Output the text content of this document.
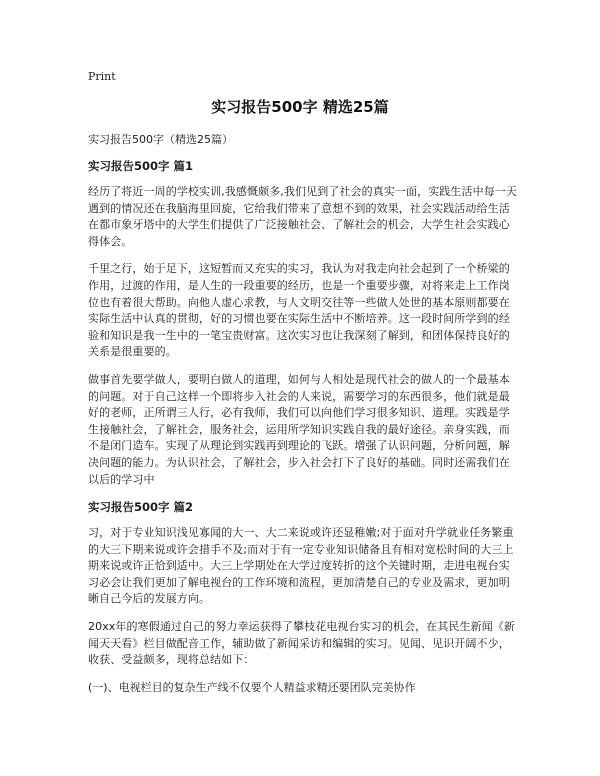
Print
实习报告500字 精选25篇

实习报告500字（精选25篇）

实习报告500字 篇1

经历了将近一周的学校实训,我感慨颇多,我们见到了社会的真实一面，实践生活中每一天遇到的情况还在我脑海里回旋，它给我们带来了意想不到的效果，社会实践活动给生活在都市象牙塔中的大学生们提供了广泛接触社会、了解社会的机会，大学生社会实践心得体会。

千里之行，始于足下，这短暂而又充实的实习，我认为对我走向社会起到了一个桥梁的作用，过渡的作用，是人生的一段重要的经历，也是一个重要步骤，对将来走上工作岗位也有着很大帮助。向他人虚心求教，与人文明交往等一些做人处世的基本原则都要在实际生活中认真的贯彻，好的习惯也要在实际生活中不断培养。这一段时间所学到的经验和知识是我一生中的一笔宝贵财富。这次实习也让我深刻了解到，和团体保持良好的关系是很重要的。

做事首先要学做人，要明白做人的道理，如何与人相处是现代社会的做人的一个最基本的问题。对于自己这样一个即将步入社会的人来说，需要学习的东西很多，他们就是最好的老师，正所谓三人行，必有我师，我们可以向他们学习很多知识、道理。实践是学生接触社会，了解社会，服务社会，运用所学知识实践自我的最好途径。亲身实践，而不是闭门造车。实现了从理论到实践再到理论的飞跃。增强了认识问题，分析问题，解决问题的能力。为认识社会，了解社会，步入社会打下了良好的基础。同时还需我们在以后的学习中

实习报告500字 篇2

习，对于专业知识浅见寡闻的大一、大二来说或许还显稚嫩;对于面对升学就业任务繁重的大三下期来说或许会措手不及;而对于有一定专业知识储备且有相对宽松时间的大三上期来说或许正恰到适中。大三上学期处在大学过度转折的这个关键时期，走进电视台实习必会让我们更加了解电视台的工作环境和流程，更加清楚自己的专业及需求，更加明晰自己今后的发展方向。

20xx年的寒假通过自己的努力幸运获得了攀枝花电视台实习的机会，在其民生新闻《新闻天天看》栏目做配音工作，辅助做了新闻采访和编辑的实习。见闻、见识开阔不少，收获、受益颇多，现将总结如下：

(一)、电视栏目的复杂生产线不仅要个人精益求精还要团队完美协作
